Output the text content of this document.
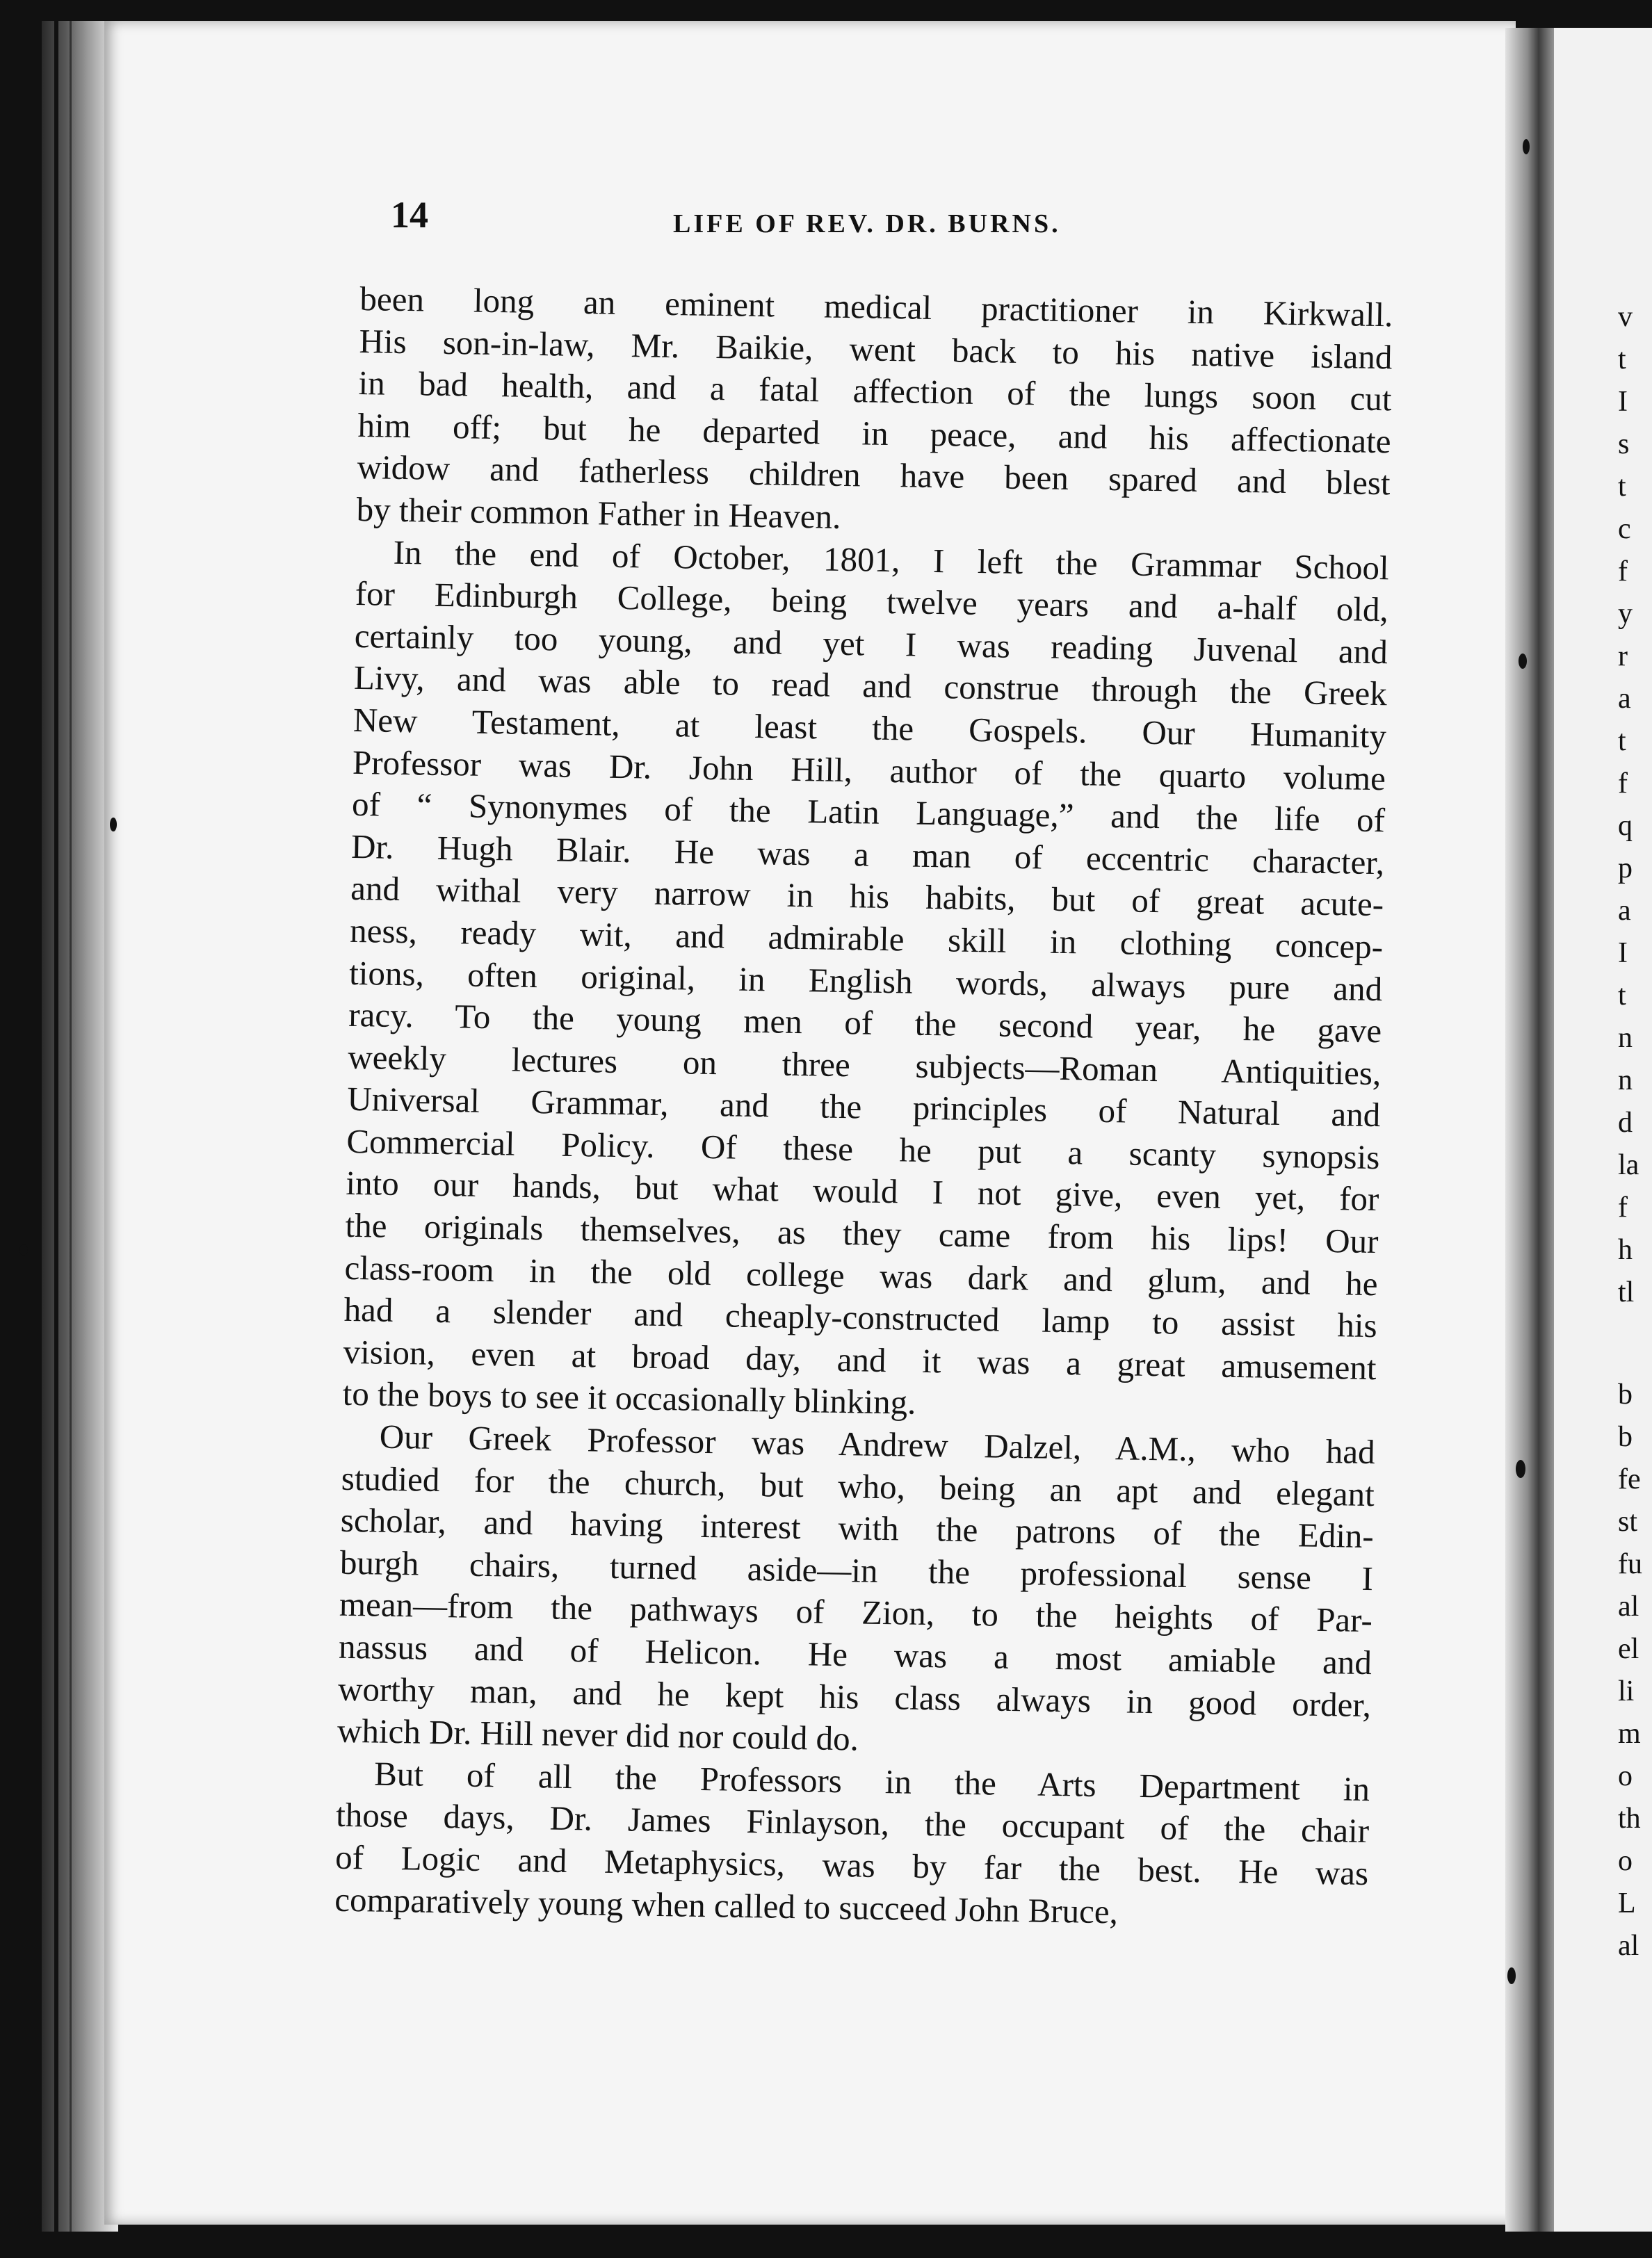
v
t
I
s
t
c
f
y
r
a
t
f
q
p
a
I
t
n
n
d
la
f
h
tl
b
b
fe
st
fu
al
el
li
m
o
th
o
L
al
14	LIFE OF REV. DR. BURNS.
been long an eminent medical practitioner in Kirkwall.
His son-in-law, Mr. Baikie, went back to his native island
in bad health, and a fatal affection of the lungs soon cut
him off; but he departed in peace, and his affectionate
widow and fatherless children have been spared and blest
by their common Father in Heaven.
In the end of October, 1801, I left the Grammar School
for Edinburgh College, being twelve years and a-half old,
certainly too young, and yet I was reading Juvenal and
Livy, and was able to read and construe through the Greek
New Testament, at least the Gospels. Our Humanity
Professor was Dr. John Hill, author of the quarto volume
of “ Synonymes of the Latin Language,” and the life of
Dr. Hugh Blair. He was a man of eccentric character,
and withal very narrow in his habits, but of great acute-
ness, ready wit, and admirable skill in clothing concep-
tions, often original, in English words, always pure and
racy. To the young men of the second year, he gave
weekly lectures on three subjects—Roman Antiquities,
Universal Grammar, and the principles of Natural and
Commercial Policy. Of these he put a scanty synopsis
into our hands, but what would I not give, even yet, for
the originals themselves, as they came from his lips! Our
class-room in the old college was dark and glum, and he
had a slender and cheaply-constructed lamp to assist his
vision, even at broad day, and it was a great amusement
to the boys to see it occasionally blinking.
Our Greek Professor was Andrew Dalzel, A.M., who had
studied for the church, but who, being an apt and elegant
scholar, and having interest with the patrons of the Edin-
burgh chairs, turned aside—in the professional sense I
mean—from the pathways of Zion, to the heights of Par-
nassus and of Helicon. He was a most amiable and
worthy man, and he kept his class always in good order,
which Dr. Hill never did nor could do.
But of all the Professors in the Arts Department in
those days, Dr. James Finlayson, the occupant of the chair
of Logic and Metaphysics, was by far the best. He was
comparatively young when called to succeed John Bruce,
